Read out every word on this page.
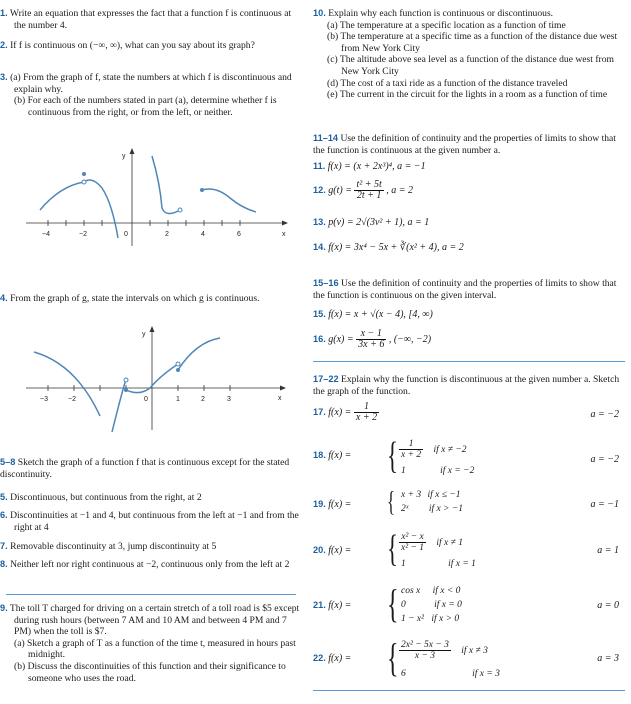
1. Write an equation that expresses the fact that a function f is continuous at the number 4.
2. If f is continuous on (−∞, ∞), what can you say about its graph?
3. (a) From the graph of f, state the numbers at which f is discontinuous and explain why.
(b) For each of the numbers stated in part (a), determine whether f is continuous from the right, or from the left, or neither.
y
x
−4	−2	0	2	4	6
4. From the graph of g, state the intervals on which g is continuous.
y
x
−3	−2	0	1	2	3
5–8 Sketch the graph of a function f that is continuous except for the stated discontinuity.
5. Discontinuous, but continuous from the right, at 2
6. Discontinuities at −1 and 4, but continuous from the left at −1 and from the right at 4
7. Removable discontinuity at 3, jump discontinuity at 5
8. Neither left nor right continuous at −2, continuous only from the left at 2
9. The toll T charged for driving on a certain stretch of a toll road is $5 except during rush hours (between 7 AM and 10 AM and between 4 PM and 7 PM) when the toll is $7.
(a) Sketch a graph of T as a function of the time t, measured in hours past midnight.
(b) Discuss the discontinuities of this function and their significance to someone who uses the road.
10. Explain why each function is continuous or discontinuous.
(a) The temperature at a specific location as a function of time
(b) The temperature at a specific time as a function of the distance due west from New York City
(c) The altitude above sea level as a function of the distance due west from New York City
(d) The cost of a taxi ride as a function of the distance traveled
(e) The current in the circuit for the lights in a room as a function of time
11–14 Use the definition of continuity and the properties of limits to show that the function is continuous at the given number a.
11. f(x) = (x + 2x³)⁴, a = −1
12. $g(t) = \frac{\text{t² + 5t}}{2t + 1}$ , a = 2
13. p(v) = 2√(3v² + 1), a = 1
14. f(x) = 3x⁴ − 5x + ∛(x² + 4), a = 2
15–16 Use the definition of continuity and the properties of limits to show that the function is continuous on the given interval.
15. f(x) = x + √(x − 4), [4, ∞)
16. $g(x) = \frac{x - 1}{3x + 6}$ , (−∞, −2)
17–22 Explain why the function is discontinuous at the given number a. Sketch the graph of the function.
17. $f(x) = \frac{1}{x + 2}$	a = −2
18. f(x) = { $\frac{1}{x + 2}$ if x ≠ −2
1	if x = −2
a = −2
19. f(x) = { x + 3 if x ≤ −1
2ˣ if x > −1	a = −1
20. f(x) = { $\frac{\text{x² − x}}{\text{x² − 1}}$ if x ≠ 1
1	if x = 1
a = 1
21. f(x) = { cos x if x < 0
0	if x = 0
1 − x² if x > 0
a = 0
22. f(x) = { $\frac{\text{2x² − 5x − 3}}{x - 3}$ if x ≠ 3
6	if x = 3
a = 3
